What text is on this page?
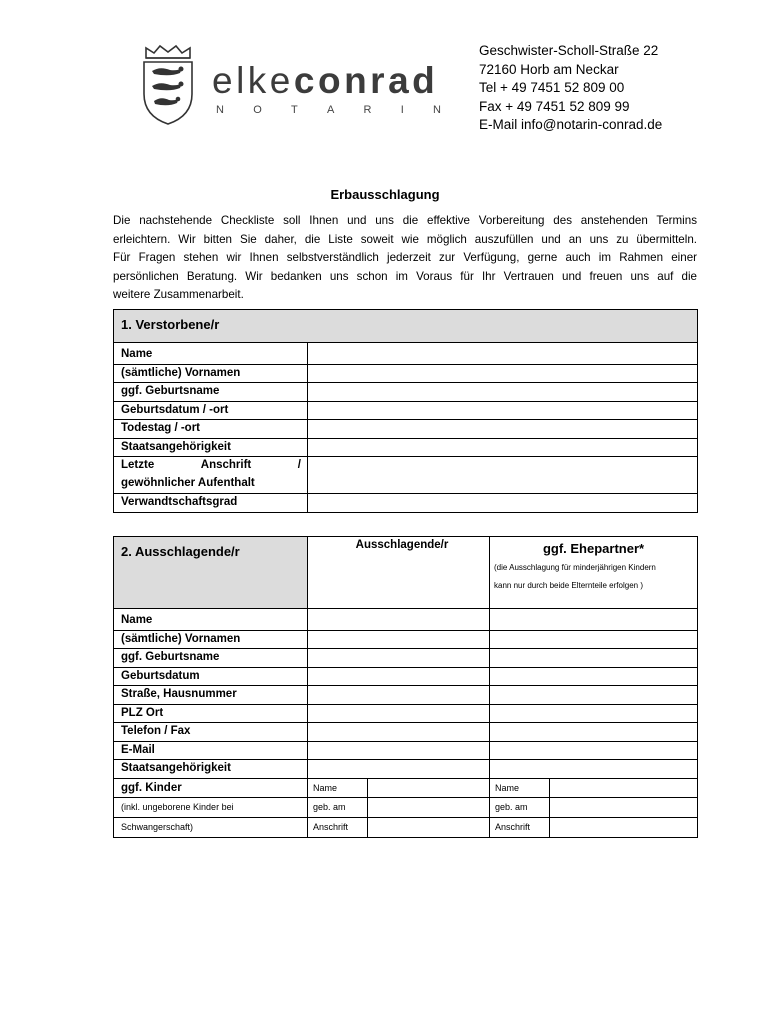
elkeconrad
N	O	T	A	R	I	N
Geschwister-Scholl-Straße 22
72160 Horb am Neckar
Tel + 49 7451 52 809 00
Fax + 49 7451 52 809 99
E-Mail info@notarin-conrad.de
Erbausschlagung
Die nachstehende Checkliste soll Ihnen und uns die effektive Vorbereitung des anstehenden Termins
erleichtern. Wir bitten Sie daher, die Liste soweit wie möglich auszufüllen und an uns zu übermitteln.
Für Fragen stehen wir Ihnen selbstverständlich jederzeit zur Verfügung, gerne auch im Rahmen einer
persönlichen Beratung. Wir bedanken uns schon im Voraus für Ihr Vertrauen und freuen uns auf die
weitere Zusammenarbeit.
1. Verstorbene/r	
Name	
(sämtliche) Vornamen	
ggf. Geburtsname	
Geburtsdatum / -ort	
Todestag / -ort	
Staatsangehörigkeit	

Letzte Anschrift /
gewöhnlicher Aufenthalt	

Verwandtschaftsgrad	
2. Ausschlagende/r	Ausschlagende/r	ggf. Ehepartner*
(die Ausschlagung für minderjährigen Kindern
kann nur durch beide Elternteile erfolgen )

Name		
(sämtliche) Vornamen		
ggf. Geburtsname		
Geburtsdatum		
Straße, Hausnummer		
PLZ Ort		
Telefon / Fax		
E-Mail		
Staatsangehörigkeit		
ggf. Kinder	Name	Name

(inkl. ungeborene Kinder bei	geb. am	geb. am

Schwangerschaft)	Anschrift	Anschrift
